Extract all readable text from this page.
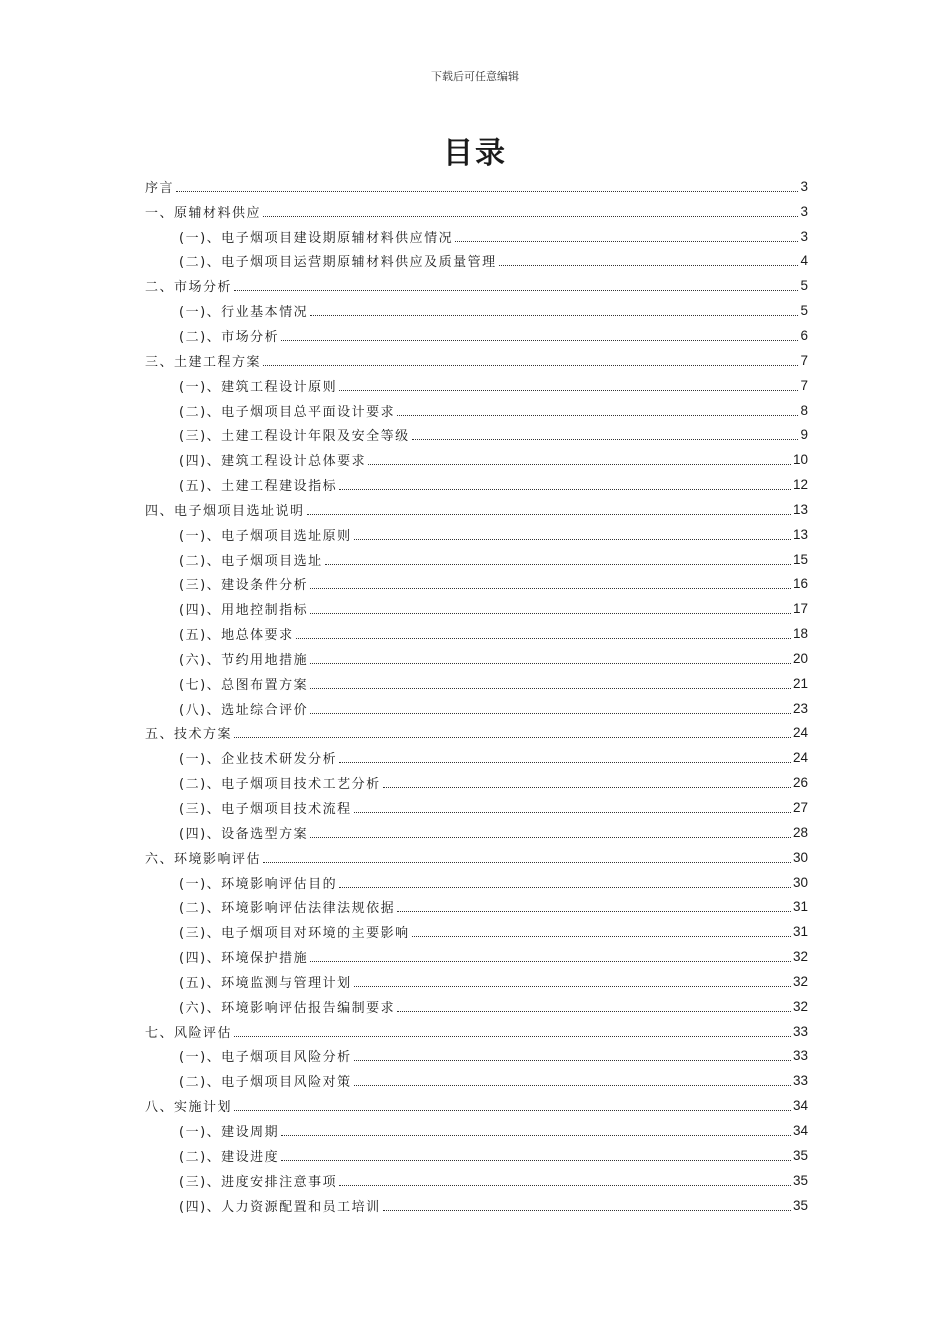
下载后可任意编辑
目录
序言	3
一、原辅材料供应	3
(一)、电子烟项目建设期原辅材料供应情况	3
(二)、电子烟项目运营期原辅材料供应及质量管理	4
二、市场分析	5
(一)、行业基本情况	5
(二)、市场分析	6
三、土建工程方案	7
(一)、建筑工程设计原则	7
(二)、电子烟项目总平面设计要求	8
(三)、土建工程设计年限及安全等级	9
(四)、建筑工程设计总体要求	10
(五)、土建工程建设指标	12
四、电子烟项目选址说明	13
(一)、电子烟项目选址原则	13
(二)、电子烟项目选址	15
(三)、建设条件分析	16
(四)、用地控制指标	17
(五)、地总体要求	18
(六)、节约用地措施	20
(七)、总图布置方案	21
(八)、选址综合评价	23
五、技术方案	24
(一)、企业技术研发分析	24
(二)、电子烟项目技术工艺分析	26
(三)、电子烟项目技术流程	27
(四)、设备选型方案	28
六、环境影响评估	30
(一)、环境影响评估目的	30
(二)、环境影响评估法律法规依据	31
(三)、电子烟项目对环境的主要影响	31
(四)、环境保护措施	32
(五)、环境监测与管理计划	32
(六)、环境影响评估报告编制要求	32
七、风险评估	33
(一)、电子烟项目风险分析	33
(二)、电子烟项目风险对策	33
八、实施计划	34
(一)、建设周期	34
(二)、建设进度	35
(三)、进度安排注意事项	35
(四)、人力资源配置和员工培训	35
